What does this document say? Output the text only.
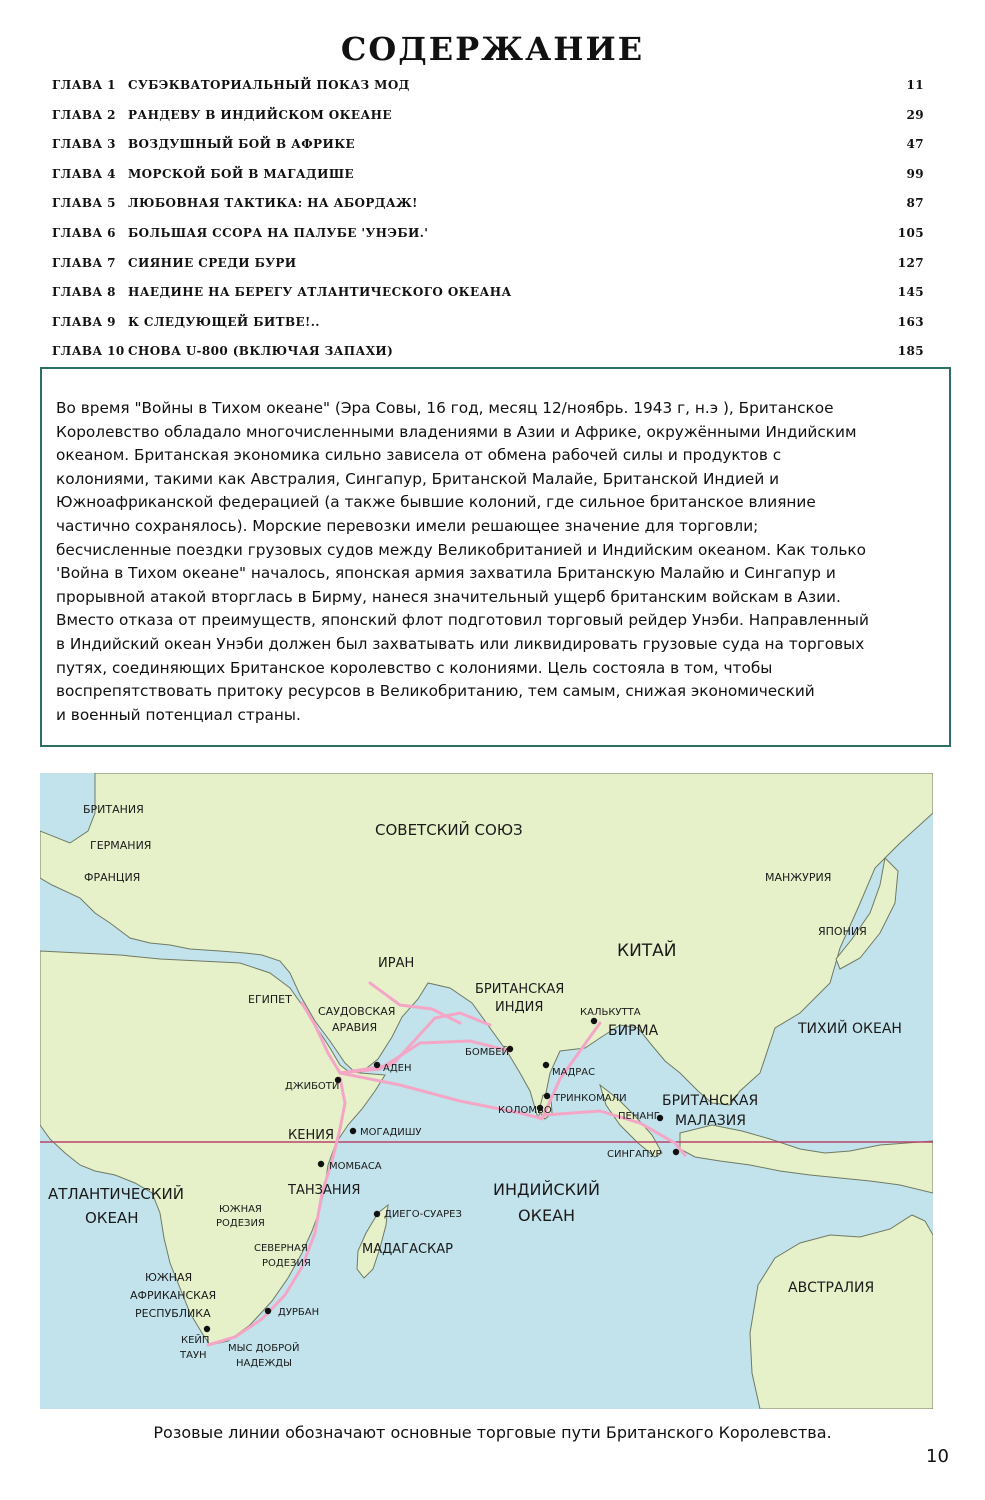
СОДЕРЖАНИЕ
ГЛАВА 1 СУБЭКВАТОРИАЛЬНЫЙ ПОКАЗ МОД	11
ГЛАВА 2 РАНДЕВУ В ИНДИЙСКОМ ОКЕАНЕ	29
ГЛАВА 3 ВОЗДУШНЫЙ БОЙ В АФРИКЕ	47
ГЛАВА 4 МОРСКОЙ БОЙ В МАГАДИШЕ	99
ГЛАВА 5 ЛЮБОВНАЯ ТАКТИКА: НА АБОРДАЖ!	87
ГЛАВА 6 БОЛЬШАЯ ССОРА НА ПАЛУБЕ 'УНЭБИ.'	105
ГЛАВА 7 СИЯНИЕ СРЕДИ БУРИ	127
ГЛАВА 8 НАЕДИНЕ НА БЕРЕГУ АТЛАНТИЧЕСКОГО ОКЕАНА	145
ГЛАВА 9 К СЛЕДУЮЩЕЙ БИТВЕ!..	163
ГЛАВА 10 СНОВА U-800 (ВКЛЮЧАЯ ЗАПАХИ)	185

Во время "Войны в Тихом океане" (Эра Совы, 16 год, месяц 12/ноябрь. 1943 г, н.э ), Британское

Королевство обладало многочисленными владениями в Азии и Африке, окружёнными Индийским

океаном. Британская экономика сильно зависела от обмена рабочей силы и продуктов с

колониями, такими как Австралия, Сингапур, Британской Малайе, Британской Индией и

Южноафриканской федерацией (а также бывшие колоний, где сильное британское влияние

частично сохранялось). Морские перевозки имели решающее значение для торговли;

бесчисленные поездки грузовых судов между Великобританией и Индийским океаном. Как только

'Война в Тихом океане" началось, японская армия захватила Британскую Малайю и Сингапур и

прорывной атакой вторглась в Бирму, нанеся значительный ущерб британским войскам в Азии.

Вместо отказа от преимуществ, японский флот подготовил торговый рейдер Унэби. Направленный

в Индийский океан Унэби должен был захватывать или ликвидировать грузовые суда на торговых

путях, соединяющих Британское королевство с колониями. Цель состояла в том, чтобы

воспрепятствовать притоку ресурсов в Великобританию, тем самым, снижая экономический

и военный потенциал страны.

БРИТАНИЯ
ГЕРМАНИЯ
ФРАНЦИЯ
СОВЕТСКИЙ СОЮЗ
МАНЖУРИЯ
ЯПОНИЯ
КИТАЙ
ИРАН
ЕГИПЕТ
САУДОВСКАЯ
АРАВИЯ
БРИТАНСКАЯ
ИНДИЯ	КАЛЬКУТТА
БИРМА	ТИХИЙ ОКЕАН
АДЕН
БОМБЕЙ
ДЖИБОТИ
МАДРАС
ТРИНКОМАЛИ
КОЛОМБО
ПЕНАНГ
БРИТАНСКАЯ
МАЛАЗИЯ
КЕНИЯ	МОГАДИШУ
СИНГАПУР
МОМБАСА
ТАНЗАНИЯ
АТЛАНТИЧЕСКИЙ
ОКЕАН
ИНДИЙСКИЙ
ОКЕАН
ЮЖНАЯ
РОДЕЗИЯ
ДИЕГО-СУАРЕЗ
МАДАГАСКАР
СЕВЕРНАЯ
РОДЕЗИЯ
ЮЖНАЯ
АФРИКАНСКАЯ
РЕСПУБЛИКА
АВСТРАЛИЯ
ДУРБАН
КЕЙП
ТАУН
МЫС ДОБРОЙ
НАДЕЖДЫ
Розовые линии обозначают основные торговые пути Британского Королевства.
10
